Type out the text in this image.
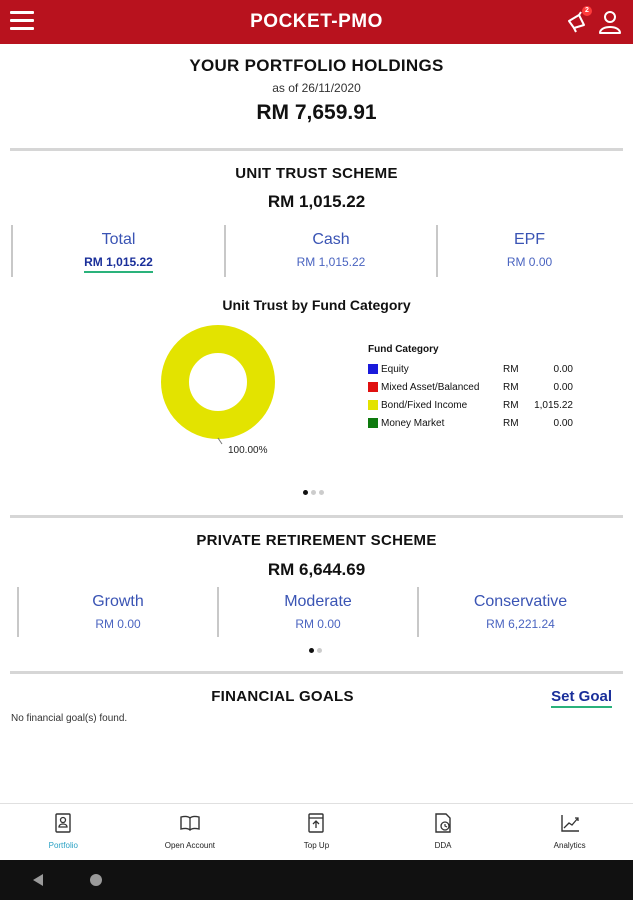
POCKET-PMO
2
YOUR PORTFOLIO HOLDINGS
as of 26/11/2020
RM 7,659.91
UNIT TRUST SCHEME
RM 1,015.22
Total
RM 1,015.22
Cash
RM 1,015.22
EPF
RM 0.00
Unit Trust by Fund Category
100.00%
Fund Category
Equity	RM	0.00
Mixed Asset/Balanced	RM	0.00
Bond/Fixed Income	RM	1,015.22
Money Market	RM	0.00
PRIVATE RETIREMENT SCHEME
RM 6,644.69
Growth
RM 0.00
Moderate
RM 0.00
Conservative
RM 6,221.24
FINANCIAL GOALS	Set Goal
No financial goal(s) found.
Portfolio	Open Account	Top Up	DDA	Analytics
